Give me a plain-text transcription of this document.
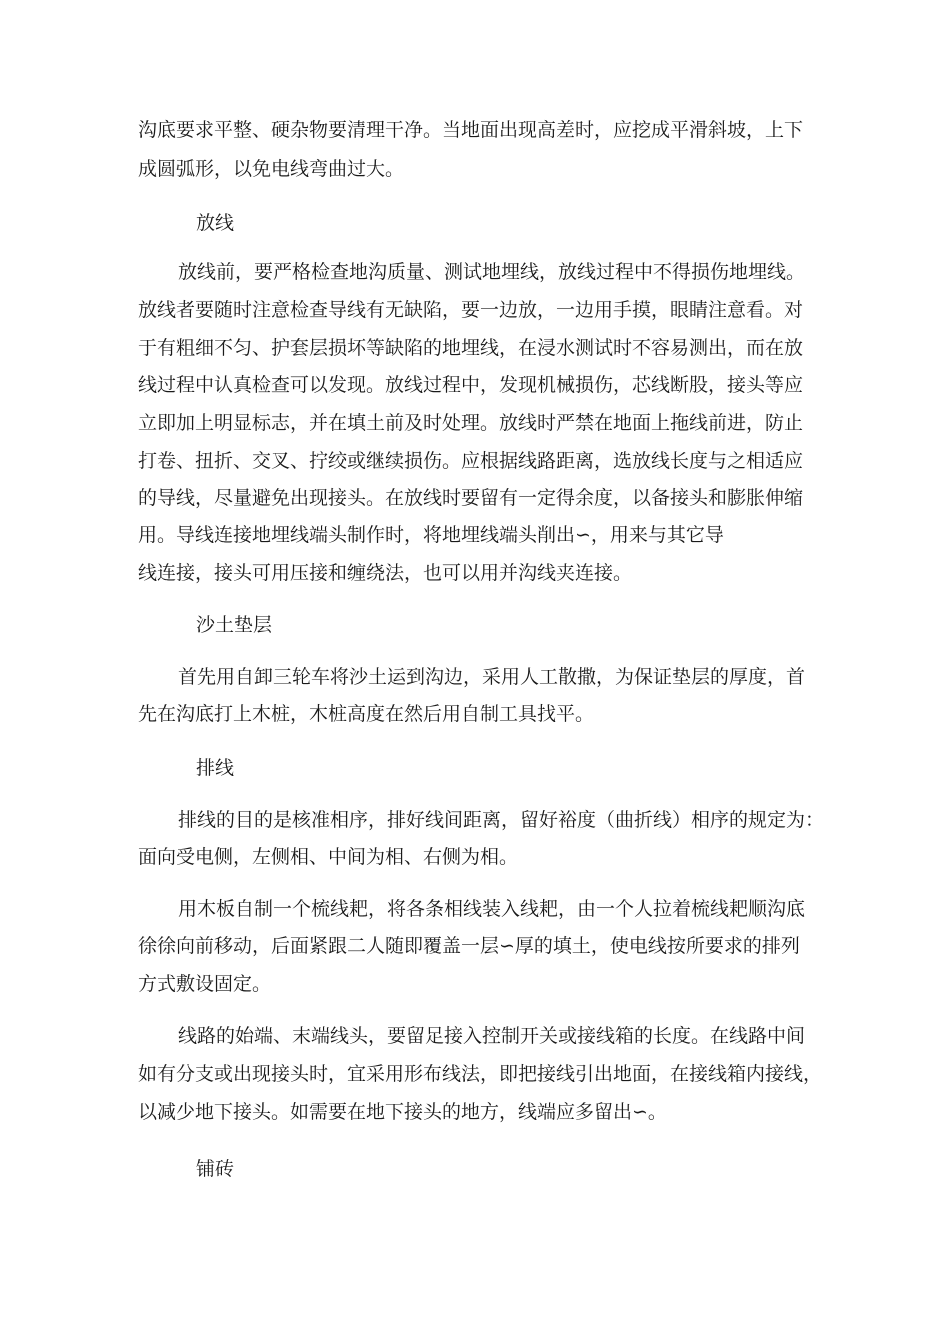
沟底要求平整、硬杂物要清理干净。当地面出现高差时，应挖成平滑斜坡，上下
成圆弧形，以免电线弯曲过大。
放线
放线前，要严格检查地沟质量、测试地埋线，放线过程中不得损伤地埋线。
放线者要随时注意检查导线有无缺陷，要一边放，一边用手摸，眼睛注意看。对
于有粗细不匀、护套层损坏等缺陷的地埋线，在浸水测试时不容易测出，而在放
线过程中认真检查可以发现。放线过程中，发现机械损伤，芯线断股，接头等应
立即加上明显标志，并在填土前及时处理。放线时严禁在地面上拖线前进，防止
打卷、扭折、交叉、拧绞或继续损伤。应根据线路距离，选放线长度与之相适应
的导线，尽量避免出现接头。在放线时要留有一定得余度，以备接头和膨胀伸缩
用。导线连接地埋线端头制作时，将地埋线端头削出∽，用来与其它导
线连接，接头可用压接和缠绕法，也可以用并沟线夹连接。
沙土垫层
首先用自卸三轮车将沙土运到沟边，采用人工散撒，为保证垫层的厚度，首
先在沟底打上木桩，木桩高度在然后用自制工具找平。
排线
排线的目的是核准相序，排好线间距离，留好裕度（曲折线）相序的规定为：
面向受电侧，左侧相、中间为相、右侧为相。
用木板自制一个梳线耙，将各条相线装入线耙，由一个人拉着梳线耙顺沟底
徐徐向前移动，后面紧跟二人随即覆盖一层∽厚的填土，使电线按所要求的排列
方式敷设固定。
线路的始端、末端线头，要留足接入控制开关或接线箱的长度。在线路中间
如有分支或出现接头时，宜采用形布线法，即把接线引出地面，在接线箱内接线，
以减少地下接头。如需要在地下接头的地方，线端应多留出∽。
铺砖
